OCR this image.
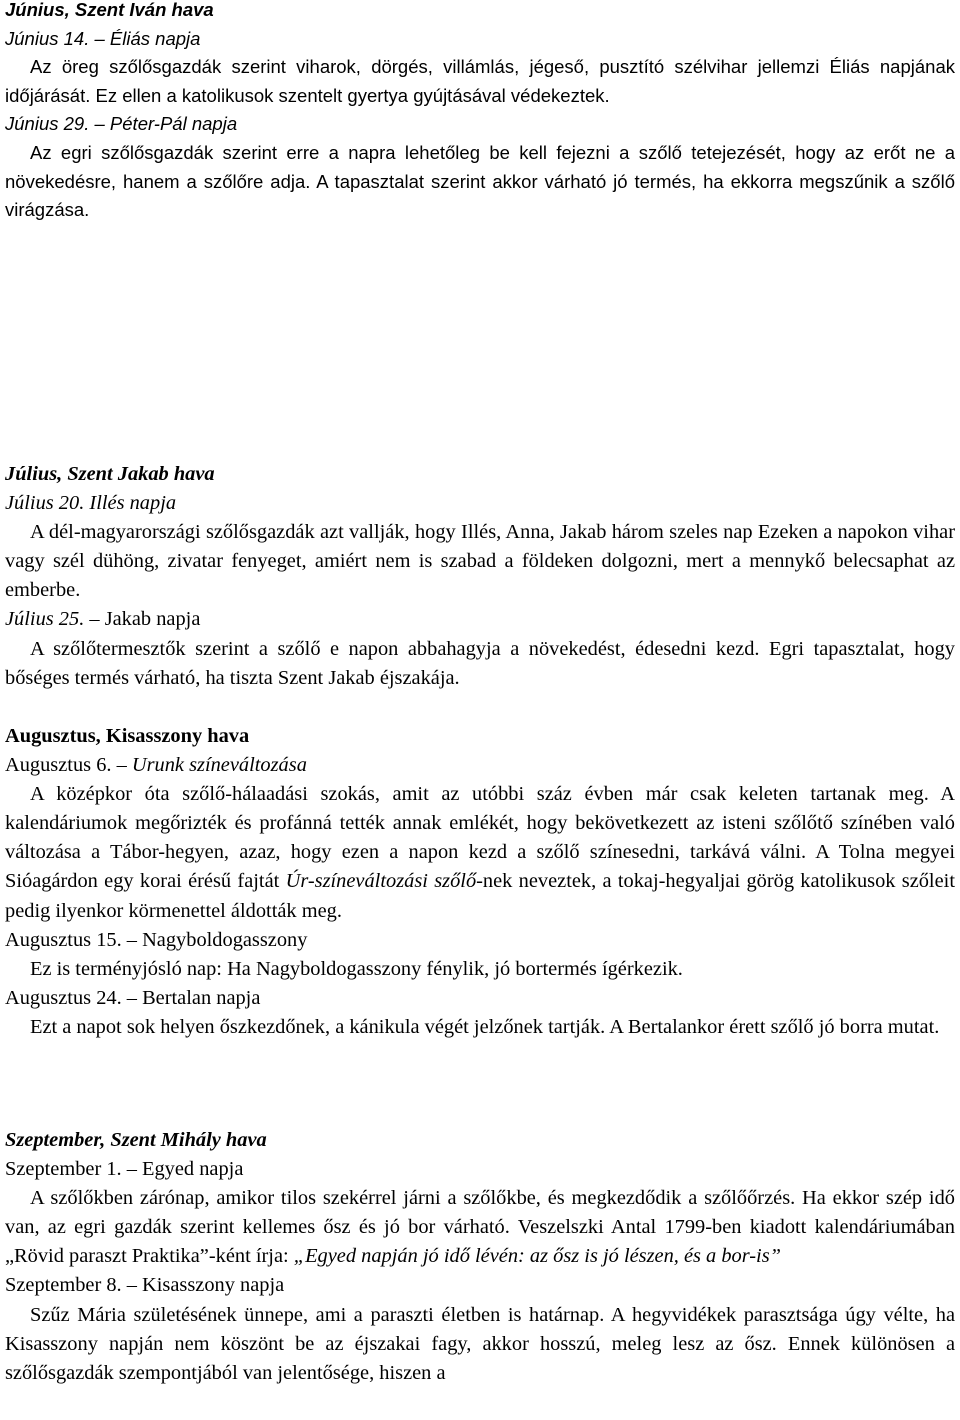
Június, Szent Iván hava

Június 14. – Éliás napja

Az öreg szőlősgazdák szerint viharok, dörgés, villámlás, jégeső, pusztító szélvihar jellemzi Éliás napjának időjárását. Ez ellen a katolikusok szentelt gyertya gyújtásával védekeztek.

Június 29. – Péter-Pál napja

Az egri szőlősgazdák szerint erre a napra lehetőleg be kell fejezni a szőlő tetejezését, hogy az erőt ne a növekedésre, hanem a szőlőre adja. A tapasztalat szerint akkor várható jó termés, ha ekkorra megszűnik a szőlő virágzása.

Július, Szent Jakab hava

Július 20. Illés napja

A dél-magyarországi szőlősgazdák azt vallják, hogy Illés, Anna, Jakab három szeles nap Ezeken a napokon vihar vagy szél dühöng, zivatar fenyeget, amiért nem is szabad a földeken dolgozni, mert a mennykő belecsaphat az emberbe.

Július 25. – Jakab napja

A szőlőtermesztők szerint a szőlő e napon abbahagyja a növekedést, édesedni kezd. Egri tapasztalat, hogy bőséges termés várható, ha tiszta Szent Jakab éjszakája.

Augusztus, Kisasszony hava

Augusztus 6. – Urunk színeváltozása

A középkor óta szőlő-hálaadási szokás, amit az utóbbi száz évben már csak keleten tartanak meg. A kalendáriumok megőrizték és profánná tették annak emlékét, hogy bekövetkezett az isteni szőlőtő színében való változása a Tábor-hegyen, azaz, hogy ezen a napon kezd a szőlő színesedni, tarkává válni. A Tolna megyei Sióagárdon egy korai érésű fajtát Úr-színeváltozási szőlő-nek neveztek, a tokaj-hegyaljai görög katolikusok szőleit pedig ilyenkor körmenettel áldották meg.

Augusztus 15. – Nagyboldogasszony

Ez is terményjósló nap: Ha Nagyboldogasszony fénylik, jó bortermés ígérkezik.

Augusztus 24. – Bertalan napja

Ezt a napot sok helyen őszkezdőnek, a kánikula végét jelzőnek tartják. A Bertalankor érett szőlő jó borra mutat.

Szeptember, Szent Mihály hava

Szeptember 1. – Egyed napja

A szőlőkben zárónap, amikor tilos szekérrel járni a szőlőkbe, és megkezdődik a szőlőőrzés. Ha ekkor szép idő van, az egri gazdák szerint kellemes ősz és jó bor várható. Veszelszki Antal 1799-ben kiadott kalendáriumában „Rövid paraszt Praktika”-ként írja: „Egyed napján jó idő lévén: az ősz is jó lészen, és a bor-is”

Szeptember 8. – Kisasszony napja

Szűz Mária születésének ünnepe, ami a paraszti életben is határnap. A hegyvidékek parasztsága úgy vélte, ha Kisasszony napján nem köszönt be az éjszakai fagy, akkor hosszú, meleg lesz az ősz. Ennek különösen a szőlősgazdák szempontjából van jelentősége, hiszen a
